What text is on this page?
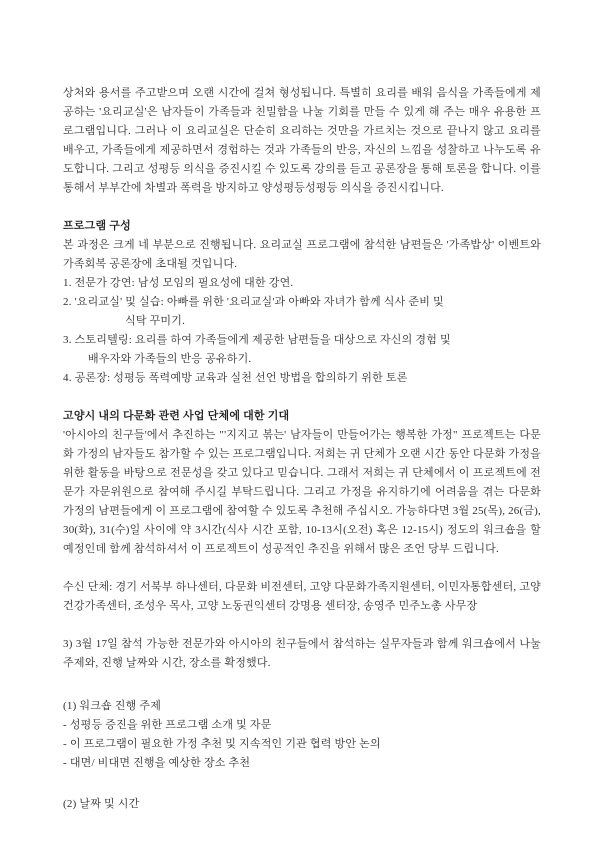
상처와 용서를 주고받으며 오랜 시간에 걸쳐 형성됩니다. 특별히 요리를 배워 음식을 가족들에게 제공하는 '요리교실'은 남자들이 가족들과 친밀함을 나눌 기회를 만들 수 있게 해 주는 매우 유용한 프로그램입니다. 그러나 이 요리교실은 단순히 요리하는 것만을 가르치는 것으로 끝나지 않고 요리를 배우고, 가족들에게 제공하면서 경험하는 것과 가족들의 반응, 자신의 느낌을 성찰하고 나누도록 유도합니다. 그리고 성평등 의식을 증진시킬 수 있도록 강의를 듣고 공론장을 통해 토론을 합니다. 이를 통해서 부부간에 차별과 폭력을 방지하고 양성평등성평등 의식을 증진시킵니다.

프로그램 구성

본 과정은 크게 네 부분으로 진행됩니다. 요리교실 프로그램에 참석한 남편들은 '가족밥상' 이벤트와 가족회복 공론장에 초대될 것입니다.

1. 전문가 강연: 남성 모임의 필요성에 대한 강연.
2. '요리교실' 및 실습: 아빠를 위한 '요리교실'과 아빠와 자녀가 함께 식사 준비 및
식탁 꾸미기.
3. 스토리텔링: 요리를 하여 가족들에게 제공한 남편들을 대상으로 자신의 경험 및
배우자와 가족들의 반응 공유하기.
4. 공론장: 성평등 폭력예방 교육과 실천 선언 방법을 합의하기 위한 토론

고양시 내의 다문화 관련 사업 단체에 대한 기대

'아시아의 친구들'에서 추진하는 "'지지고 볶는' 남자들이 만들어가는 행복한 가정" 프로젝트는 다문화 가정의 남자들도 참가할 수 있는 프로그램입니다. 저희는 귀 단체가 오랜 시간 동안 다문화 가정을 위한 활동을 바탕으로 전문성을 갖고 있다고 믿습니다. 그래서 저희는 귀 단체에서 이 프로젝트에 전문가 자문위원으로 참여해 주시길 부탁드립니다. 그리고 가정을 유지하기에 어려움을 겪는 다문화 가정의 남편들에게 이 프로그램에 참여할 수 있도록 추천해 주십시오. 가능하다면 3월 25(목), 26(금), 30(화), 31(수)일 사이에 약 3시간(식사 시간 포함, 10-13시(오전) 혹은 12-15시) 정도의 워크숍을 할 예정인데 함께 참석하셔서 이 프로젝트이 성공적인 추진을 위해서 많은 조언 당부 드립니다.

수신 단체: 경기 서북부 하나센터, 다문화 비전센터, 고양 다문화가족지원센터, 이민자통합센터, 고양 건강가족센터, 조성우 목사, 고양 노동권익센터 강명용 센터장, 송영주 민주노총 사무장

3) 3월 17일 참석 가능한 전문가와 아시아의 친구들에서 참석하는 실무자들과 함께 워크숍에서 나눌 주제와, 진행 날짜와 시간, 장소를 확정했다.

(1) 워크숍 진행 주제

- 성평등 증진을 위한 프로그램 소개 및 자문
- 이 프로그램이 필요한 가정 추천 및 지속적인 기관 협력 방안 논의
- 대면/ 비대면 진행을 예상한 장소 추천

(2) 날짜 및 시간
